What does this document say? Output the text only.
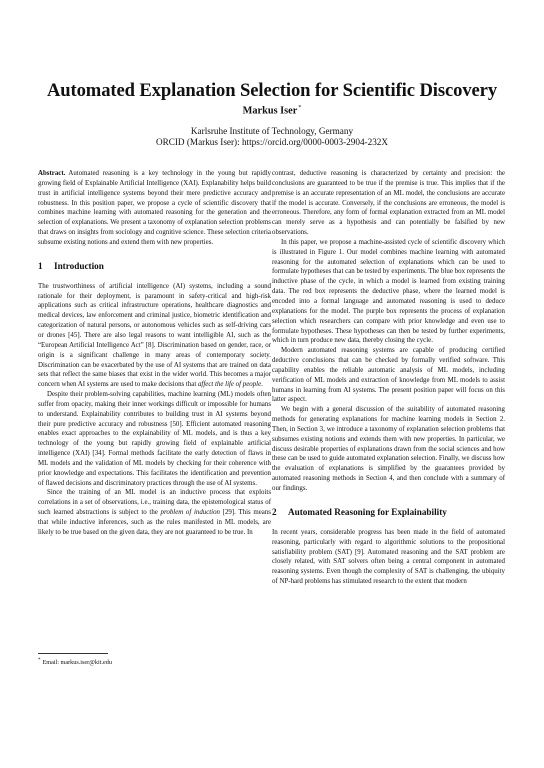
Automated Explanation Selection for Scientific Discovery
Markus Iser*
Karlsruhe Institute of Technology, Germany
ORCID (Markus Iser): https://orcid.org/0000-0003-2904-232X

Abstract. Automated reasoning is a key technology in the young but rapidly growing field of Explainable Artificial Intelligence (XAI). Explanability helps build trust in artificial intelligence systems beyond their mere predictive accuracy and robustness. In this position paper, we propose a cycle of scientific discovery that combines machine learning with automated reasoning for the generation and the selection of explanations. We present a taxonomy of explanation selection problems that draws on insights from sociology and cognitive science. These selection criteria subsume existing notions and extend them with new properties.

1 Introduction

The trustworthiness of artificial intelligence (AI) systems, including a sound rationale for their deployment, is paramount in safety-critical and high-risk applications such as critical infrastructure operations, healthcare diagnostics and medical devices, law enforcement and criminal justice, biometric identification and categorization of natural persons, or autonomous vehicles such as self-driving cars or drones [45]. There are also legal reasons to want intelligible AI, such as the “European Artificial Intelligence Act” [8]. Discrimination based on gender, race, or origin is a significant challenge in many areas of contemporary society. Discrimination can be exacerbated by the use of AI systems that are trained on data sets that reflect the same biases that exist in the wider world. This becomes a major concern when AI systems are used to make decisions that affect the life of people.

Despite their problem-solving capabilities, machine learning (ML) models often suffer from opacity, making their inner workings difficult or impossible for humans to understand. Explainability contributes to building trust in AI systems beyond their pure predictive accuracy and robustness [50]. Efficient automated reasoning enables exact approaches to the explainability of ML models, and is thus a key technology of the young but rapidly growing field of explainable artificial intelligence (XAI) [34]. Formal methods facilitate the early detection of flaws in ML models and the validation of ML models by checking for their coherence with prior knowledge and expectations. This facilitates the identification and prevention of flawed decisions and discriminatory practices through the use of AI systems.

Since the training of an ML model is an inductive process that exploits correlations in a set of observations, i.e., training data, the epistemological status of such learned abstractions is subject to the problem of induction [29]. This means that while inductive inferences, such as the rules manifested in ML models, are likely to be true based on the given data, they are not guaranteed to be true. In

* Email: markus.iser@kit.edu

contrast, deductive reasoning is characterized by certainty and precision: the conclusions are guaranteed to be true if the premise is true. This implies that if the premise is an accurate representation of an ML model, the conclusions are accurate if the model is accurate. Conversely, if the conclusions are erroneous, the model is erroneous. Therefore, any form of formal explanation extracted from an ML model can merely serve as a hypothesis and can potentially be falsified by new observations.

In this paper, we propose a machine-assisted cycle of scientific discovery which is illustrated in Figure 1. Our model combines machine learning with automated reasoning for the automated selection of explanations which can be used to formulate hypotheses that can be tested by experiments. The blue box represents the inductive phase of the cycle, in which a model is learned from existing training data. The red box represents the deductive phase, where the learned model is encoded into a formal language and automated reasoning is used to deduce explanations for the model. The purple box represents the process of explanation selection which researchers can compare with prior knowledge and even use to formulate hypotheses. These hypotheses can then be tested by further experiments, which in turn produce new data, thereby closing the cycle.

Modern automated reasoning systems are capable of producing certified deductive conclusions that can be checked by formally verified software. This capability enables the reliable automatic analysis of ML models, including verification of ML models and extraction of knowledge from ML models to assist humans in learning from AI systems. The present position paper will focus on this latter aspect.

We begin with a general discussion of the suitability of automated reasoning methods for generating explanations for machine learning models in Section 2. Then, in Section 3, we introduce a taxonomy of explanation selection problems that subsumes existing notions and extends them with new properties. In particular, we discuss desirable properties of explanations drawn from the social sciences and how these can be used to guide automated explanation selection. Finally, we discuss how the evaluation of explanations is simplified by the guarantees provided by automated reasoning methods in Section 4, and then conclude with a summary of our findings.

2 Automated Reasoning for Explainability

In recent years, considerable progress has been made in the field of automated reasoning, particularly with regard to algorithmic solutions to the propositional satisfiability problem (SAT) [9]. Automated reasoning and the SAT problem are closely related, with SAT solvers often being a central component in automated reasoning systems. Even though the complexity of SAT is challenging, the ubiquity of NP-hard problems has stimulated research to the extent that modern
